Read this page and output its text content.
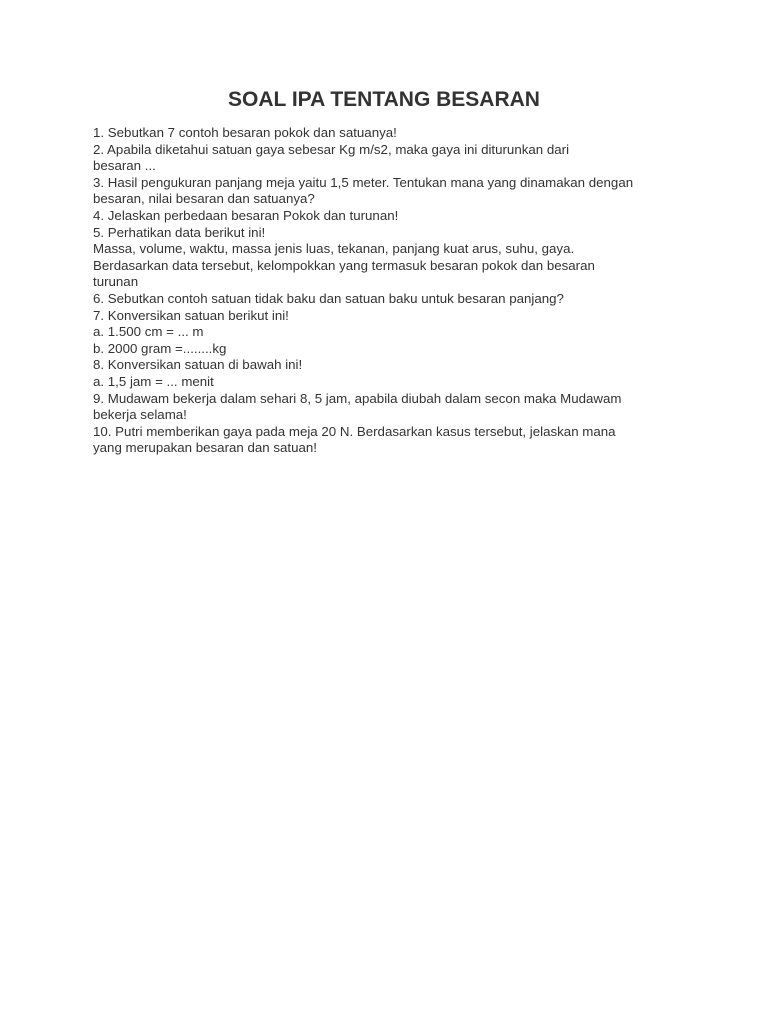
SOAL IPA TENTANG BESARAN
1. Sebutkan 7 contoh besaran pokok dan satuanya!
2. Apabila diketahui satuan gaya sebesar Kg m/s2, maka gaya ini diturunkan dari
besaran ...
3. Hasil pengukuran panjang meja yaitu 1,5 meter. Tentukan mana yang dinamakan dengan
besaran, nilai besaran dan satuanya?
4. Jelaskan perbedaan besaran Pokok dan turunan!
5. Perhatikan data berikut ini!
Massa, volume, waktu, massa jenis luas, tekanan, panjang kuat arus, suhu, gaya.
Berdasarkan data tersebut, kelompokkan yang termasuk besaran pokok dan besaran
turunan
6. Sebutkan contoh satuan tidak baku dan satuan baku untuk besaran panjang?
7. Konversikan satuan berikut ini!
a. 1.500 cm = ... m
b. 2000 gram =........kg
8. Konversikan satuan di bawah ini!
a. 1,5 jam = ... menit
9. Mudawam bekerja dalam sehari 8, 5 jam, apabila diubah dalam secon maka Mudawam
bekerja selama!
10. Putri memberikan gaya pada meja 20 N. Berdasarkan kasus tersebut, jelaskan mana
yang merupakan besaran dan satuan!
